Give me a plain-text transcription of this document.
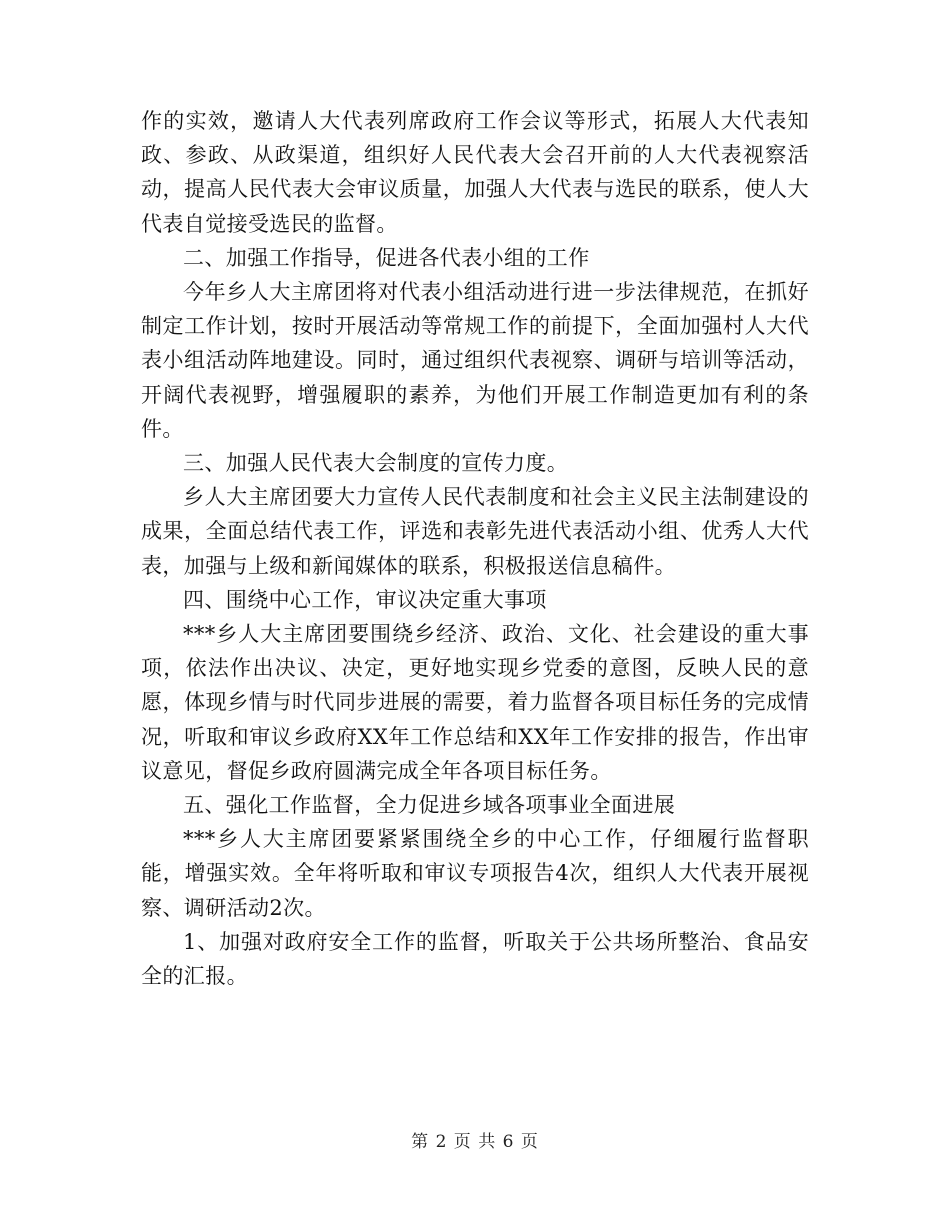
作的实效，邀请人大代表列席政府工作会议等形式，拓展人大代表知政、参政、从政渠道，组织好人民代表大会召开前的人大代表视察活动，提高人民代表大会审议质量，加强人大代表与选民的联系，使人大代表自觉接受选民的监督。

二、加强工作指导，促进各代表小组的工作

今年乡人大主席团将对代表小组活动进行进一步法律规范，在抓好制定工作计划，按时开展活动等常规工作的前提下，全面加强村人大代表小组活动阵地建设。同时，通过组织代表视察、调研与培训等活动，开阔代表视野，增强履职的素养，为他们开展工作制造更加有利的条件。

三、加强人民代表大会制度的宣传力度。

乡人大主席团要大力宣传人民代表制度和社会主义民主法制建设的成果，全面总结代表工作，评选和表彰先进代表活动小组、优秀人大代表，加强与上级和新闻媒体的联系，积极报送信息稿件。

四、围绕中心工作，审议决定重大事项

***乡人大主席团要围绕乡经济、政治、文化、社会建设的重大事项，依法作出决议、决定，更好地实现乡党委的意图，反映人民的意愿，体现乡情与时代同步进展的需要，着力监督各项目标任务的完成情况，听取和审议乡政府XX年工作总结和XX年工作安排的报告，作出审议意见，督促乡政府圆满完成全年各项目标任务。

五、强化工作监督，全力促进乡域各项事业全面进展

***乡人大主席团要紧紧围绕全乡的中心工作，仔细履行监督职能，增强实效。全年将听取和审议专项报告4次，组织人大代表开展视察、调研活动2次。

1、加强对政府安全工作的监督，听取关于公共场所整治、食品安全的汇报。

第 2 页 共 6 页
